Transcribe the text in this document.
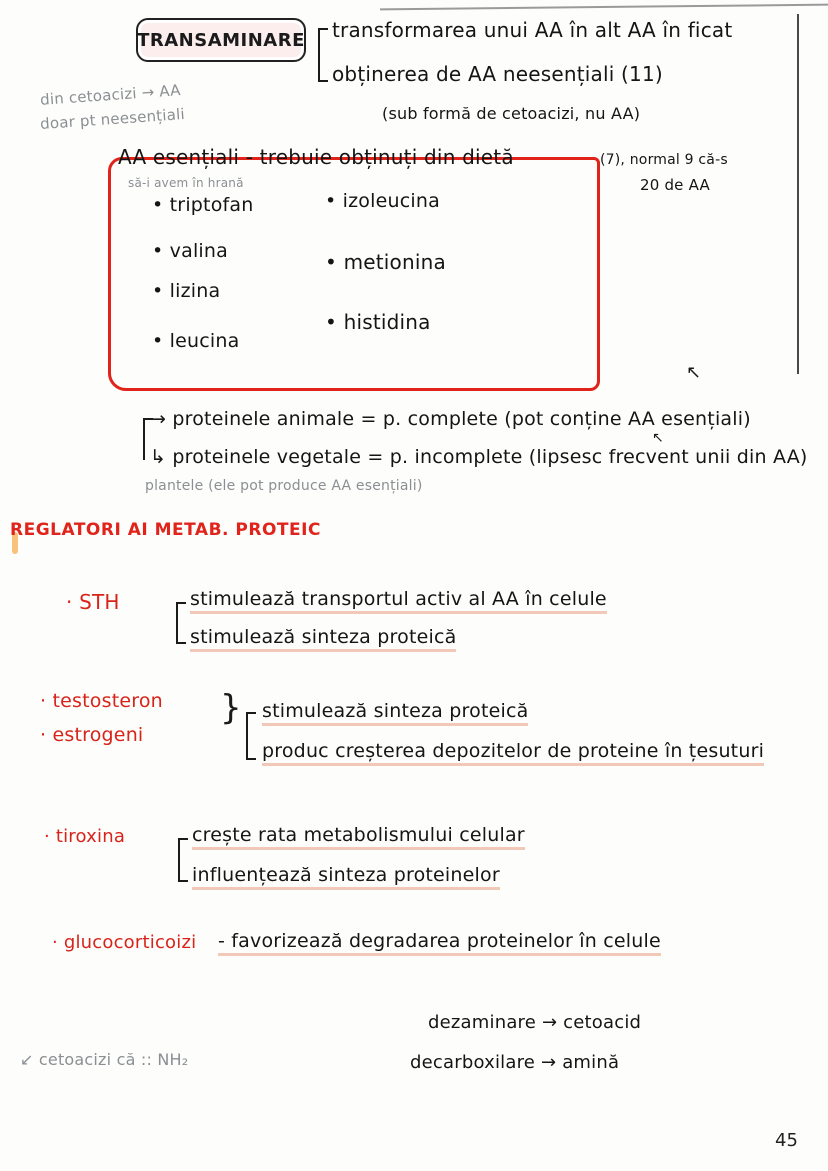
TRANSAMINARE transformarea unui AA în alt AA în ficat
obținerea de AA neesențiali (11)
(sub formă de cetoacizi, nu AA)
din cetoacizi → AA
doar pt neesențiali
AA esențiali - trebuie obținuți din dietă	(7), normal 9 că-s
să-i avem în hrană	20 de AA
• triptofan
• valina
• lizina
• leucina
• izoleucina
• metionina
• histidina
↖
→ proteinele animale = p. complete (pot conține AA esențiali)
↳ proteinele vegetale = p. incomplete (lipsesc frecvent unii din AA)
↖
plantele (ele pot produce AA esențiali)
REGLATORI AI METAB. PROTEIC
· STH	stimulează transportul activ al AA în celule
stimulează sinteza proteică
· testosteron
· estrogeni
} stimulează sinteza proteică
produc creșterea depozitelor de proteine în țesuturi
· tiroxina	crește rata metabolismului celular
influențează sinteza proteinelor
· glucocorticoizi - favorizează degradarea proteinelor în celule
↙ cetoacizi că :: NH₂
dezaminare → cetoacid
decarboxilare → amină
45
